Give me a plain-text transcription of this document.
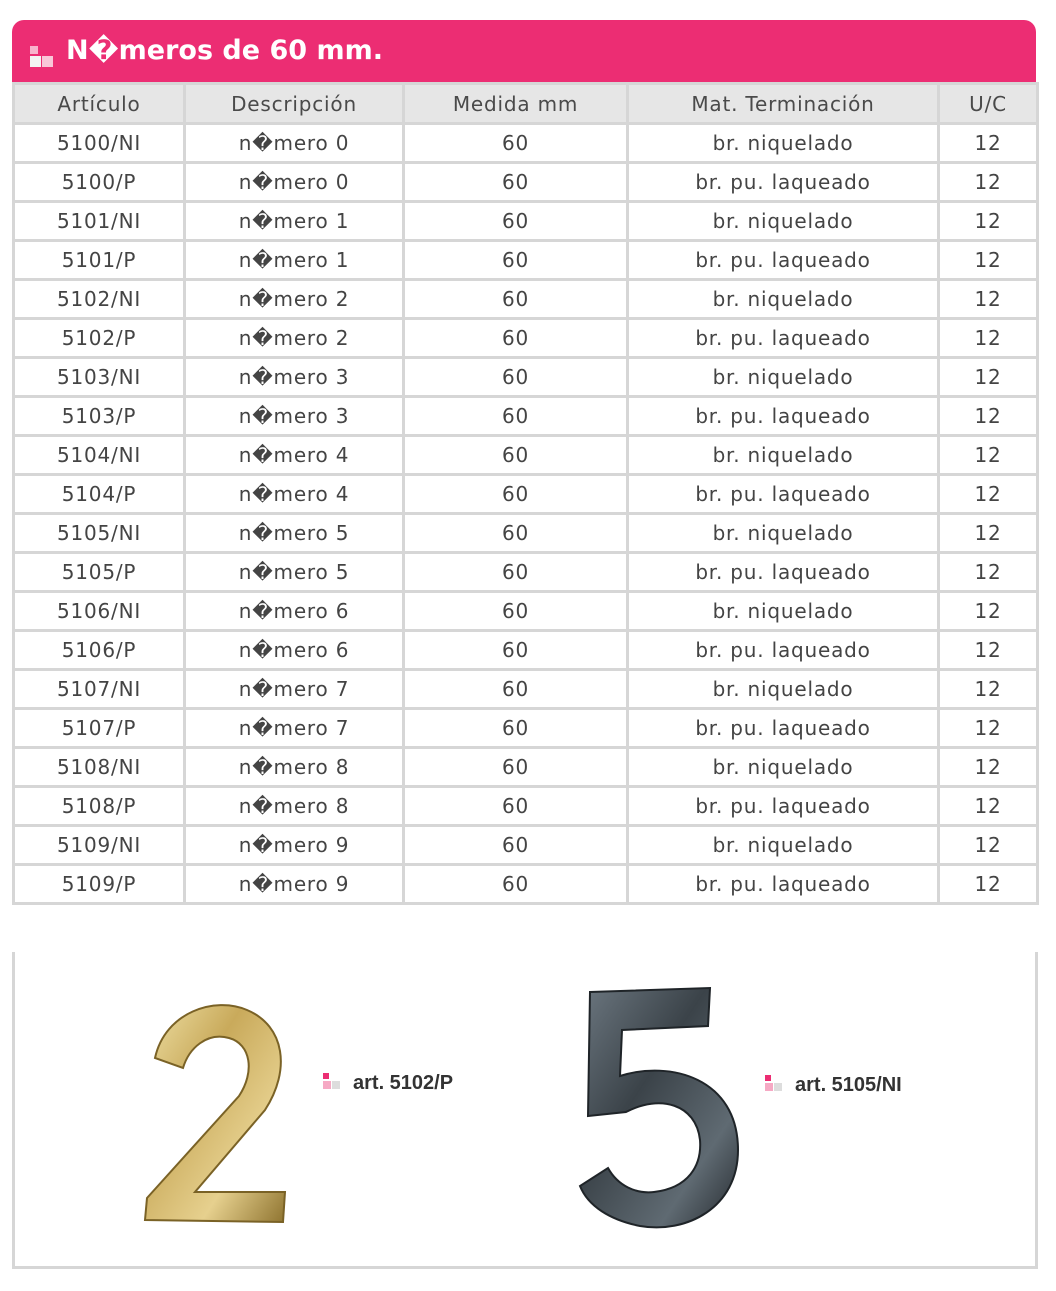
N�meros de 60 mm.
Artículo	Descripción	Medida mm	Mat. Terminación	U/C
5100/NI	n�mero 0	60	br. niquelado	12
5100/P	n�mero 0	60	br. pu. laqueado	12
5101/NI	n�mero 1	60	br. niquelado	12
5101/P	n�mero 1	60	br. pu. laqueado	12
5102/NI	n�mero 2	60	br. niquelado	12
5102/P	n�mero 2	60	br. pu. laqueado	12
5103/NI	n�mero 3	60	br. niquelado	12
5103/P	n�mero 3	60	br. pu. laqueado	12
5104/NI	n�mero 4	60	br. niquelado	12
5104/P	n�mero 4	60	br. pu. laqueado	12
5105/NI	n�mero 5	60	br. niquelado	12
5105/P	n�mero 5	60	br. pu. laqueado	12
5106/NI	n�mero 6	60	br. niquelado	12
5106/P	n�mero 6	60	br. pu. laqueado	12
5107/NI	n�mero 7	60	br. niquelado	12
5107/P	n�mero 7	60	br. pu. laqueado	12
5108/NI	n�mero 8	60	br. niquelado	12
5108/P	n�mero 8	60	br. pu. laqueado	12
5109/NI	n�mero 9	60	br. niquelado	12
5109/P	n�mero 9	60	br. pu. laqueado	12
art. 5102/P	art. 5105/NI
